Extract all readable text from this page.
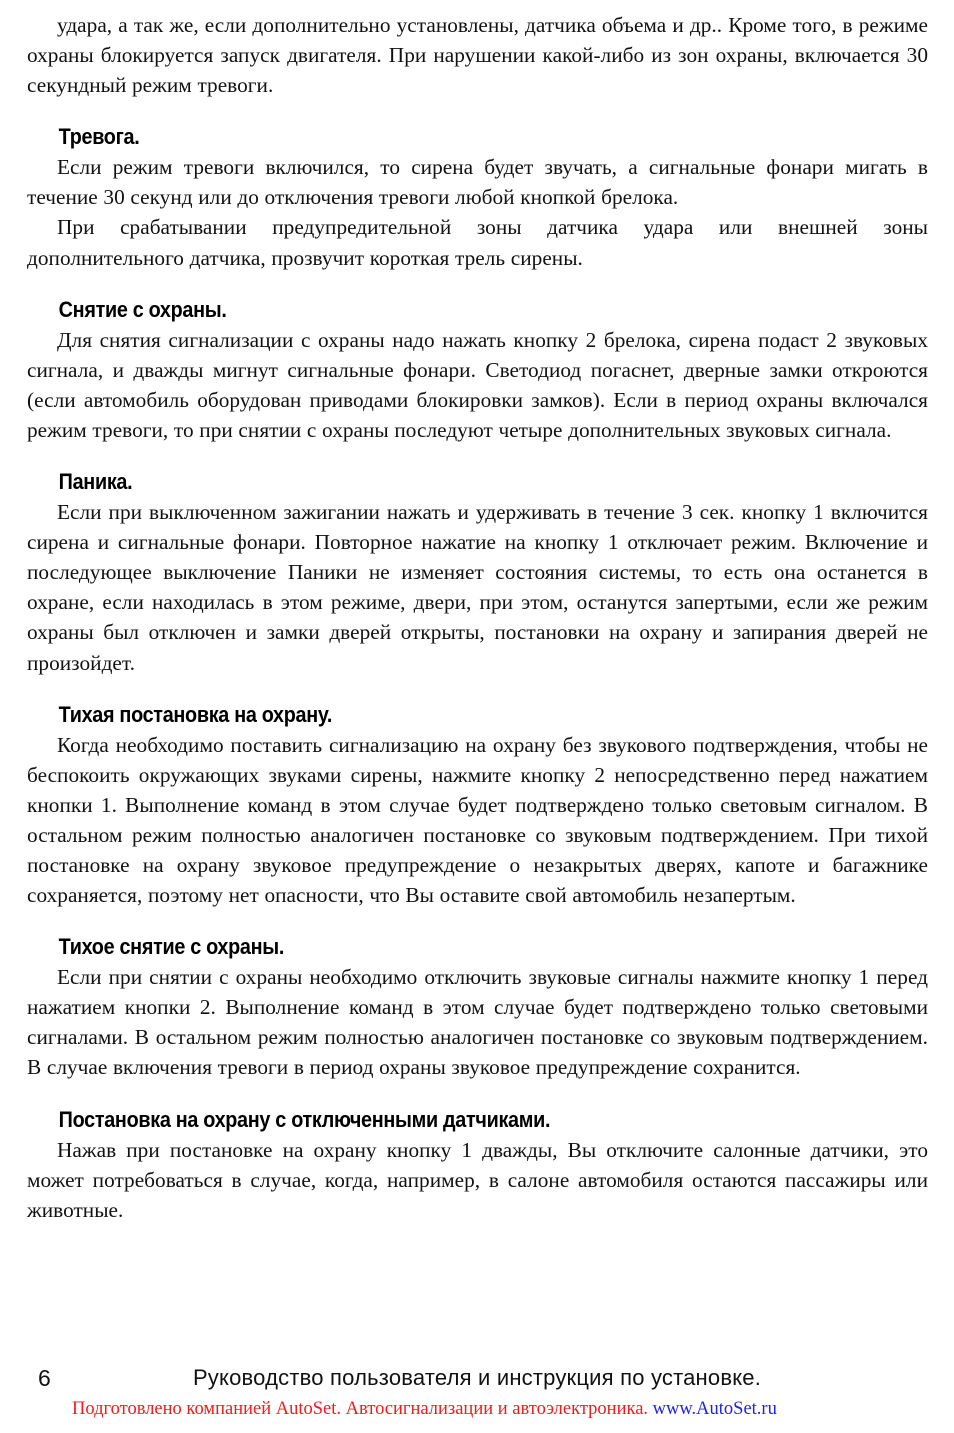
удара, а так же, если дополнительно установлены, датчика объема и др.. Кроме того, в режиме охраны блокируется запуск двигателя. При нарушении какой-либо из зон охраны, включается 30 секундный режим тревоги.

Тревога.

Если режим тревоги включился, то сирена будет звучать, а сигнальные фонари мигать в течение 30 секунд или до отключения тревоги любой кнопкой брелока.

При срабатывании предупредительной зоны датчика удара или внешней зоны дополнительного датчика, прозвучит короткая трель сирены.

Снятие с охраны.

Для снятия сигнализации с охраны надо нажать кнопку 2 брелока, сирена подаст 2 звуковых сигнала, и дважды мигнут сигнальные фонари. Светодиод погаснет, дверные замки откроются (если автомобиль оборудован приводами блокировки замков). Если в период охраны включался режим тревоги, то при снятии с охраны последуют четыре дополнительных звуковых сигнала.

Паника.

Если при выключенном зажигании нажать и удерживать в течение 3 сек. кнопку 1 включится сирена и сигнальные фонари. Повторное нажатие на кнопку 1 отключает режим. Включение и последующее выключение Паники не изменяет состояния системы, то есть она останется в охране, если находилась в этом режиме, двери, при этом, останутся запертыми, если же режим охраны был отключен и замки дверей открыты, постановки на охрану и запирания дверей не произойдет.

Тихая постановка на охрану.

Когда необходимо поставить сигнализацию на охрану без звукового подтверждения, чтобы не беспокоить окружающих звуками сирены, нажмите кнопку 2 непосредственно перед нажатием кнопки 1. Выполнение команд в этом случае будет подтверждено только световым сигналом. В остальном режим полностью аналогичен постановке со звуковым подтверждением. При тихой постановке на охрану звуковое предупреждение о незакрытых дверях, капоте и багажнике сохраняется, поэтому нет опасности, что Вы оставите свой автомобиль незапертым.

Тихое снятие с охраны.

Если при снятии с охраны необходимо отключить звуковые сигналы нажмите кнопку 1 перед нажатием кнопки 2. Выполнение команд в этом случае будет подтверждено только световыми сигналами. В остальном режим полностью аналогичен постановке со звуковым подтверждением. В случае включения тревоги в период охраны звуковое предупреждение сохранится.

Постановка на охрану с отключенными датчиками.

Нажав при постановке на охрану кнопку 1 дважды, Вы отключите салонные датчики, это может потребоваться в случае, когда, например, в салоне автомобиля остаются пассажиры или животные.

6	Руководство пользователя и инструкция по установке.
Подготовлено компанией AutoSet. Автосигнализации и автоэлектроника. www.AutoSet.ru
